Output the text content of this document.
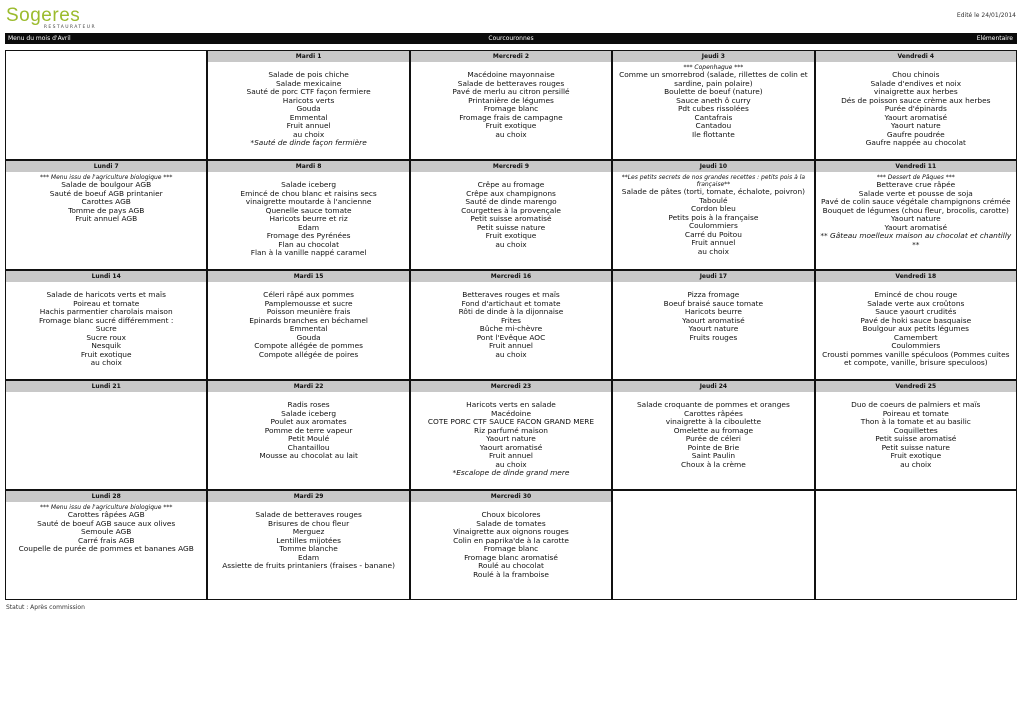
Sogeres
RESTAURATEUR
Edité le 24/01/2014
Courcouronnes
Menu du mois d'Avril	Elémentaire
Mardi 1
Salade de pois chiche
Salade mexicaine
Sauté de porc CTF façon fermiere
Haricots verts
Gouda
Emmental
Fruit annuel
au choix
*Sauté de dinde façon fermière
Mercredi 2
Macédoine mayonnaise
Salade de betteraves rouges
Pavé de merlu au citron persillé
Printanière de légumes
Fromage blanc
Fromage frais de campagne
Fruit exotique
au choix
Jeudi 3
*** Copenhague ***
Comme un smorrebrod (salade, rillettes de colin et sardine, pain polaire)
Boulette de boeuf (nature)
Sauce aneth ô curry
Pdt cubes rissolées
Cantafrais
Cantadou
Ile flottante
Vendredi 4
Chou chinois
Salade d'endives et noix
vinaigrette aux herbes
Dés de poisson sauce crème aux herbes
Purée d'épinards
Yaourt aromatisé
Yaourt nature
Gaufre poudrée
Gaufre nappée au chocolat
Lundi 7
*** Menu issu de l'agriculture biologique ***
Salade de boulgour AGB
Sauté de boeuf AGB printanier
Carottes AGB
Tomme de pays AGB
Fruit annuel AGB
Mardi 8
Salade iceberg
Emincé de chou blanc et raisins secs
vinaigrette moutarde à l'ancienne
Quenelle sauce tomate
Haricots beurre et riz
Edam
Fromage des Pyrénées
Flan au chocolat
Flan à la vanille nappé caramel
Mercredi 9
Crêpe au fromage
Crêpe aux champignons
Sauté de dinde marengo
Courgettes à la provençale
Petit suisse aromatisé
Petit suisse nature
Fruit exotique
au choix
Jeudi 10
**Les petits secrets de nos grandes recettes : petits pois à la française**
Salade de pâtes (torti, tomate, échalote, poivron)
Taboulé
Cordon bleu
Petits pois à la française
Coulommiers
Carré du Poitou
Fruit annuel
au choix
Vendredi 11
*** Dessert de Pâques ***
Betterave crue râpée
Salade verte et pousse de soja
Pavé de colin sauce végétale champignons crémée
Bouquet de légumes (chou fleur, brocolis, carotte)
Yaourt nature
Yaourt aromatisé
** Gâteau moelleux maison au chocolat et chantilly **
Lundi 14
Salade de haricots verts et maïs
Poireau et tomate
Hachis parmentier charolais maison
Fromage blanc sucré différemment :
Sucre
Sucre roux
Nesquik
Fruit exotique
au choix
Mardi 15
Céleri râpé aux pommes
Pamplemousse et sucre
Poisson meunière frais
Epinards branches en béchamel
Emmental
Gouda
Compote allégée de pommes
Compote allégée de poires
Mercredi 16
Betteraves rouges et maïs
Fond d'artichaut et tomate
Rôti de dinde à la dijonnaise
Frites
Bûche mi-chèvre
Pont l'Evêque AOC
Fruit annuel
au choix
Jeudi 17
Pizza fromage
Boeuf braisé sauce tomate
Haricots beurre
Yaourt aromatisé
Yaourt nature
Fruits rouges
Vendredi 18
Emincé de chou rouge
Salade verte aux croûtons
Sauce yaourt crudités
Pavé de hoki sauce basquaise
Boulgour aux petits légumes
Camembert
Coulommiers
Crousti pommes vanille spéculoos (Pommes cuites et compote, vanille, brisure speculoos)
Lundi 21	Mardi 22
Radis roses
Salade iceberg
Poulet aux aromates
Pomme de terre vapeur
Petit Moulé
Chantaillou
Mousse au chocolat au lait
Mercredi 23
Haricots verts en salade
Macédoine
COTE PORC CTF SAUCE FACON GRAND MERE
Riz parfumé maison
Yaourt nature
Yaourt aromatisé
Fruit annuel
au choix
*Escalope de dinde grand mere
Jeudi 24
Salade croquante de pommes et oranges
Carottes râpées
vinaigrette à la ciboulette
Omelette au fromage
Purée de céleri
Pointe de Brie
Saint Paulin
Choux à la crème
Vendredi 25
Duo de coeurs de palmiers et maïs
Poireau et tomate
Thon à la tomate et au basilic
Coquillettes
Petit suisse aromatisé
Petit suisse nature
Fruit exotique
au choix
Lundi 28
*** Menu issu de l'agriculture biologique ***
Carottes râpées AGB
Sauté de boeuf AGB sauce aux olives
Semoule AGB
Carré frais AGB
Coupelle de purée de pommes et bananes AGB
Mardi 29
Salade de betteraves rouges
Brisures de chou fleur
Merguez
Lentilles mijotées
Tomme blanche
Edam
Assiette de fruits printaniers (fraises - banane)
Mercredi 30
Choux bicolores
Salade de tomates
Vinaigrette aux oignons rouges
Colin en paprika'de à la carotte
Fromage blanc
Fromage blanc aromatisé
Roulé au chocolat
Roulé à la framboise
Statut : Après commission
